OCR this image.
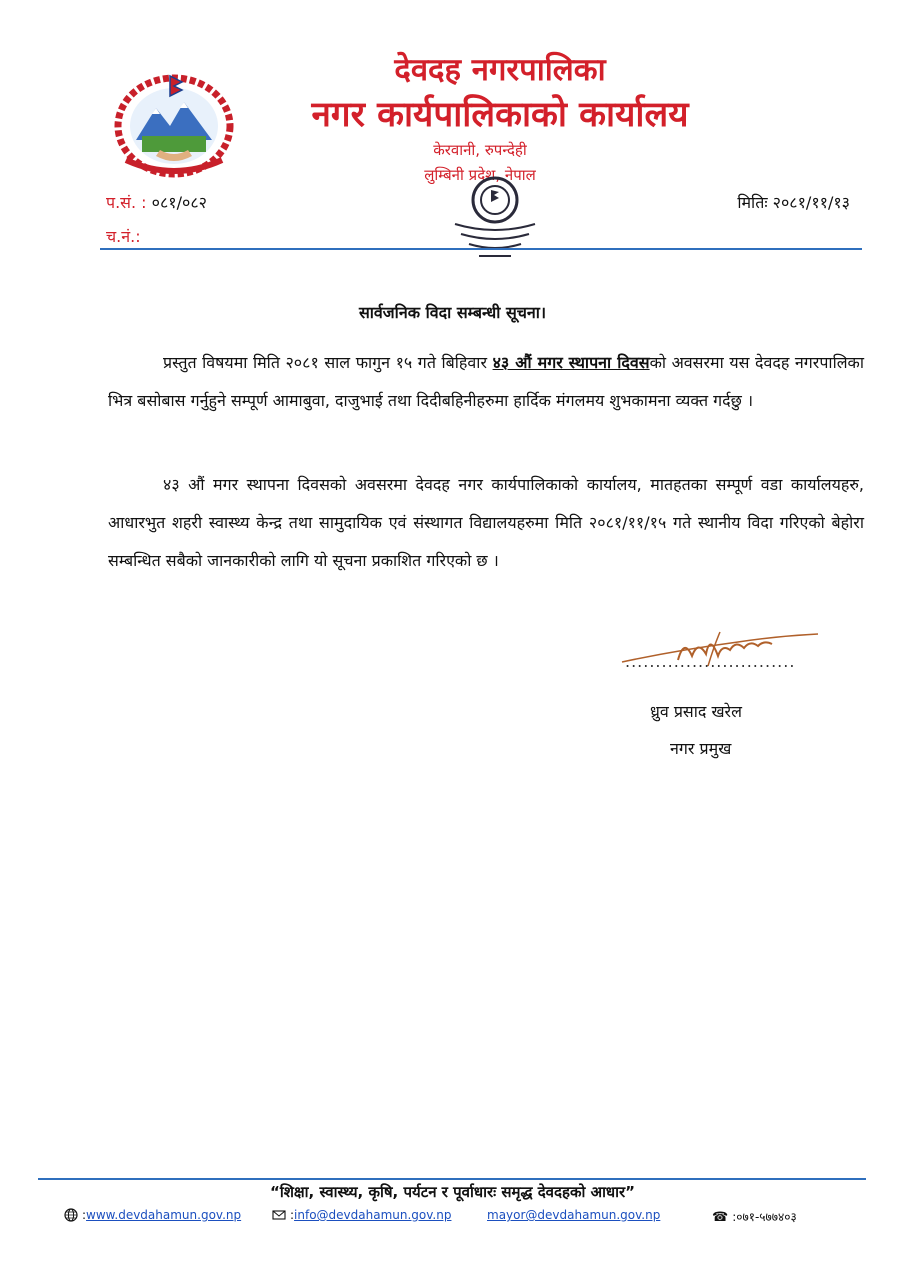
देवदह नगरपालिका
नगर कार्यपालिकाको कार्यालय
केरवानी, रुपन्देही
लुम्बिनी प्रदेश, नेपाल
प.सं. : ०८१/०८२
च.नं.:
मितिः २०८१/११/१३
सार्वजनिक विदा सम्बन्धी सूचना।
प्रस्तुत विषयमा मिति २०८१ साल फागुन १५ गते बिहिवार ४३ औं मगर स्थापना दिवसको अवसरमा यस देवदह नगरपालिका भित्र बसोबास गर्नुहुने सम्पूर्ण आमाबुवा, दाजुभाई तथा दिदीबहिनीहरुमा हार्दिक मंगलमय शुभकामना व्यक्त गर्दछु ।
४३ औं मगर स्थापना दिवसको अवसरमा देवदह नगर कार्यपालिकाको कार्यालय, मातहतका सम्पूर्ण वडा कार्यालयहरु, आधारभुत शहरी स्वास्थ्य केन्द्र तथा सामुदायिक एवं संस्थागत विद्यालयहरुमा मिति २०८१/११/१५ गते स्थानीय विदा गरिएको बेहोरा सम्बन्धित सबैको जानकारीको लागि यो सूचना प्रकाशित गरिएको छ ।
............................
ध्रुव प्रसाद खरेल
नगर प्रमुख
“शिक्षा, स्वास्थ्य, कृषि, पर्यटन र पूर्वाधारः समृद्ध देवदहको आधार”
: www.devdahamun.gov.np	: info@devdahamun.gov.np	mayor@devdahamun.gov.np	☎ : ०७१-५७७४०३
